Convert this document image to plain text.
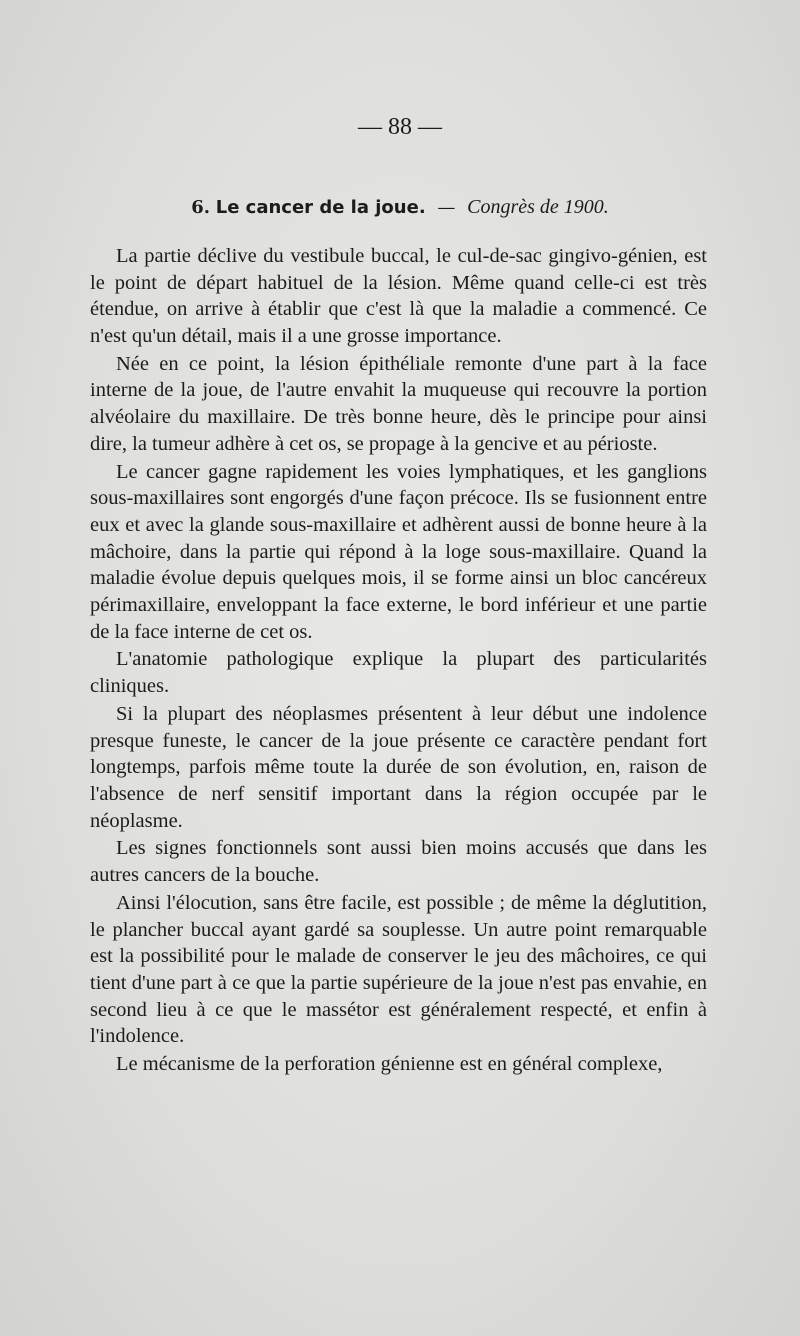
— 88 —
6. Le cancer de la joue. — Congrès de 1900.

La partie déclive du vestibule buccal, le cul-de-sac gingivo-génien, est le point de départ habituel de la lésion. Même quand celle-ci est très étendue, on arrive à établir que c'est là que la maladie a commencé. Ce n'est qu'un détail, mais il a une grosse importance.

Née en ce point, la lésion épithéliale remonte d'une part à la face interne de la joue, de l'autre envahit la muqueuse qui recouvre la portion alvéolaire du maxillaire. De très bonne heure, dès le principe pour ainsi dire, la tumeur adhère à cet os, se propage à la gencive et au périoste.

Le cancer gagne rapidement les voies lymphatiques, et les ganglions sous-maxillaires sont engorgés d'une façon précoce. Ils se fusionnent entre eux et avec la glande sous-maxillaire et adhèrent aussi de bonne heure à la mâchoire, dans la partie qui répond à la loge sous-maxillaire. Quand la maladie évolue depuis quelques mois, il se forme ainsi un bloc cancéreux périmaxillaire, enveloppant la face externe, le bord inférieur et une partie de la face interne de cet os.

L'anatomie pathologique explique la plupart des particularités cliniques.

Si la plupart des néoplasmes présentent à leur début une indolence presque funeste, le cancer de la joue présente ce caractère pendant fort longtemps, parfois même toute la durée de son évolution, en, raison de l'absence de nerf sensitif important dans la région occupée par le néoplasme.

Les signes fonctionnels sont aussi bien moins accusés que dans les autres cancers de la bouche.

Ainsi l'élocution, sans être facile, est possible ; de même la déglutition, le plancher buccal ayant gardé sa souplesse. Un autre point remarquable est la possibilité pour le malade de conserver le jeu des mâchoires, ce qui tient d'une part à ce que la partie supérieure de la joue n'est pas envahie, en second lieu à ce que le massétor est généralement respecté, et enfin à l'indolence.

Le mécanisme de la perforation génienne est en général complexe,
